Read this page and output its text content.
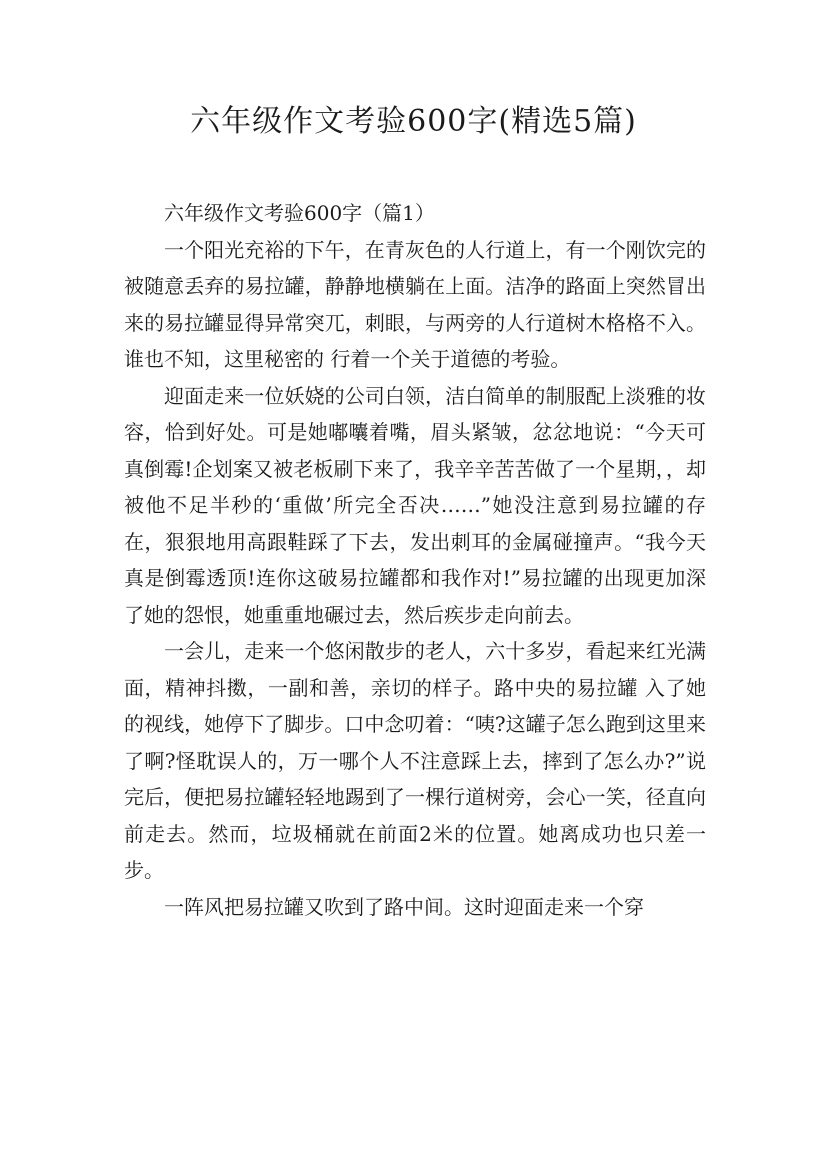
六年级作文考验600字(精选5篇)

六年级作文考验600字（篇1）

一个阳光充裕的下午，在青灰色的人行道上，有一个刚饮完的被随意丢弃的易拉罐，静静地横躺在上面。洁净的路面上突然冒出来的易拉罐显得异常突兀，刺眼，与两旁的人行道树木格格不入。谁也不知，这里秘密的 行着一个关于道德的考验。

迎面走来一位妖娆的公司白领，洁白简单的制服配上淡雅的妆容，恰到好处。可是她嘟囔着嘴，眉头紧皱，忿忿地说：“今天可真倒霉!企划案又被老板刷下来了，我辛辛苦苦做了一个星期，，却被他不足半秒的‘重做’所完全否决……”她没注意到易拉罐的存在，狠狠地用高跟鞋踩了下去，发出刺耳的金属碰撞声。“我今天真是倒霉透顶!连你这破易拉罐都和我作对!”易拉罐的出现更加深了她的怨恨，她重重地碾过去，然后疾步走向前去。

一会儿，走来一个悠闲散步的老人，六十多岁，看起来红光满面，精神抖擞，一副和善，亲切的样子。路中央的易拉罐 入了她的视线，她停下了脚步。口中念叨着：“咦?这罐子怎么跑到这里来了啊?怪耽误人的，万一哪个人不注意踩上去，摔到了怎么办?”说完后，便把易拉罐轻轻地踢到了一棵行道树旁，会心一笑，径直向前走去。然而，垃圾桶就在前面2米的位置。她离成功也只差一步。

一阵风把易拉罐又吹到了路中间。这时迎面走来一个穿
